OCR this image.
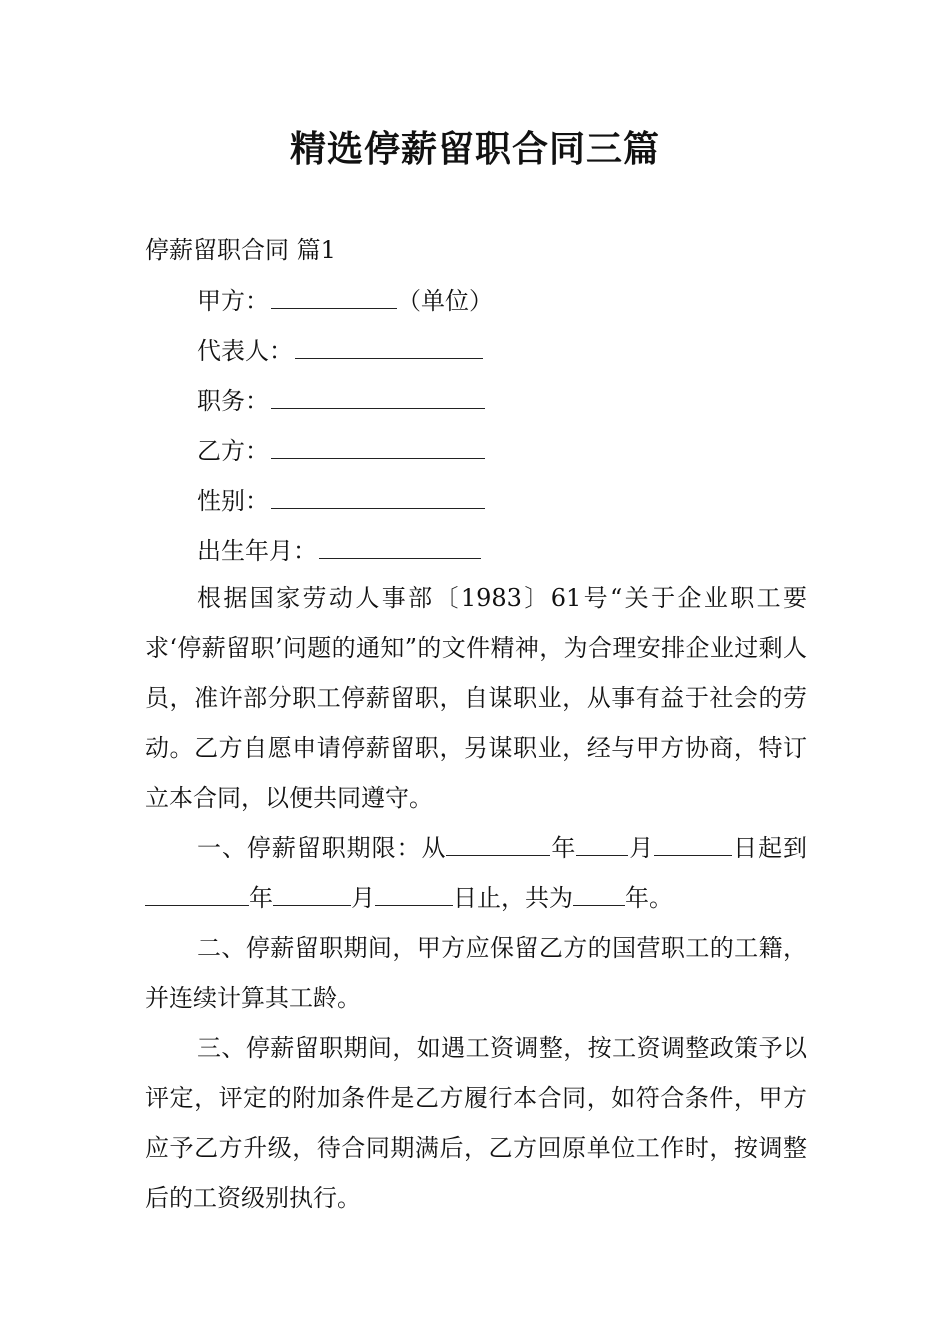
精选停薪留职合同三篇
停薪留职合同 篇1
甲方：	（单位）
代表人：
职务：
乙方：
性别：
出生年月：
根据国家劳动人事部〔1983〕61号“关于企业职工要求‘停薪留职’问题的通知”的文件精神，为合理安排企业过剩人员，准许部分职工停薪留职，自谋职业，从事有益于社会的劳动。乙方自愿申请停薪留职，另谋职业，经与甲方协商，特订立本合同，以便共同遵守。
一、停薪留职期限：从	年 月	日起到年	月	日止，共为 年。
二、停薪留职期间，甲方应保留乙方的国营职工的工籍，并连续计算其工龄。
三、停薪留职期间，如遇工资调整，按工资调整政策予以评定，评定的附加条件是乙方履行本合同，如符合条件，甲方应予乙方升级，待合同期满后，乙方回原单位工作时，按调整后的工资级别执行。
